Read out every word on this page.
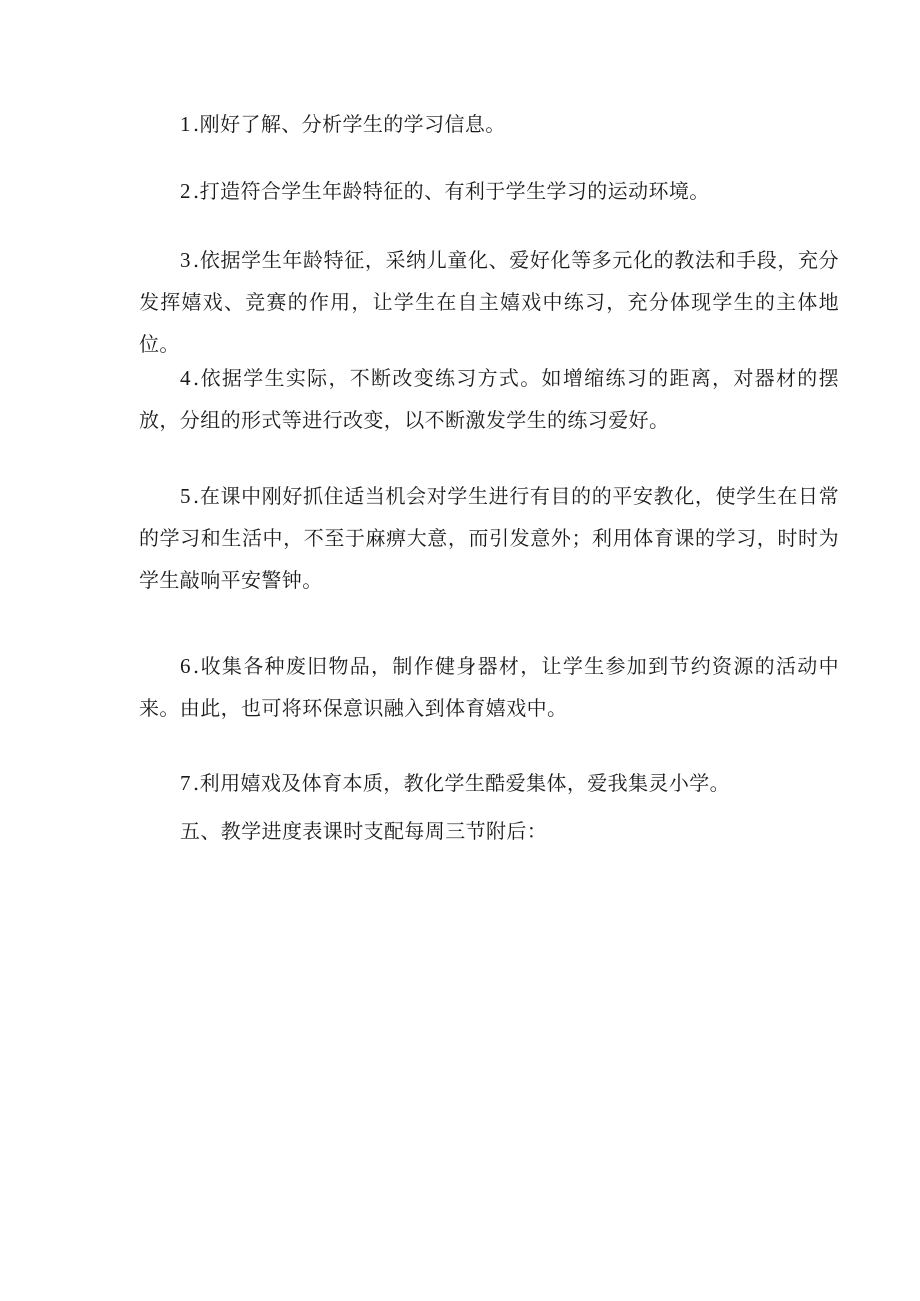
1 .刚好了解、分析学生的学习信息。

2 .打造符合学生年龄特征的、有利于学生学习的运动环境。

3 .依据学生年龄特征，采纳儿童化、爱好化等多元化的教法和手段，充分发挥嬉戏、竞赛的作用，让学生在自主嬉戏中练习，充分体现学生的主体地位。

4 .依据学生实际，不断改变练习方式。如增缩练习的距离，对器材的摆放，分组的形式等进行改变，以不断激发学生的练习爱好。

5 .在课中刚好抓住适当机会对学生进行有目的的平安教化，使学生在日常的学习和生活中，不至于麻痹大意，而引发意外；利用体育课的学习，时时为学生敲响平安警钟。

6 .收集各种废旧物品，制作健身器材，让学生参加到节约资源的活动中来。由此，也可将环保意识融入到体育嬉戏中。

7 .利用嬉戏及体育本质，教化学生酷爱集体，爱我集灵小学。

五、教学进度表课时支配每周三节附后：
